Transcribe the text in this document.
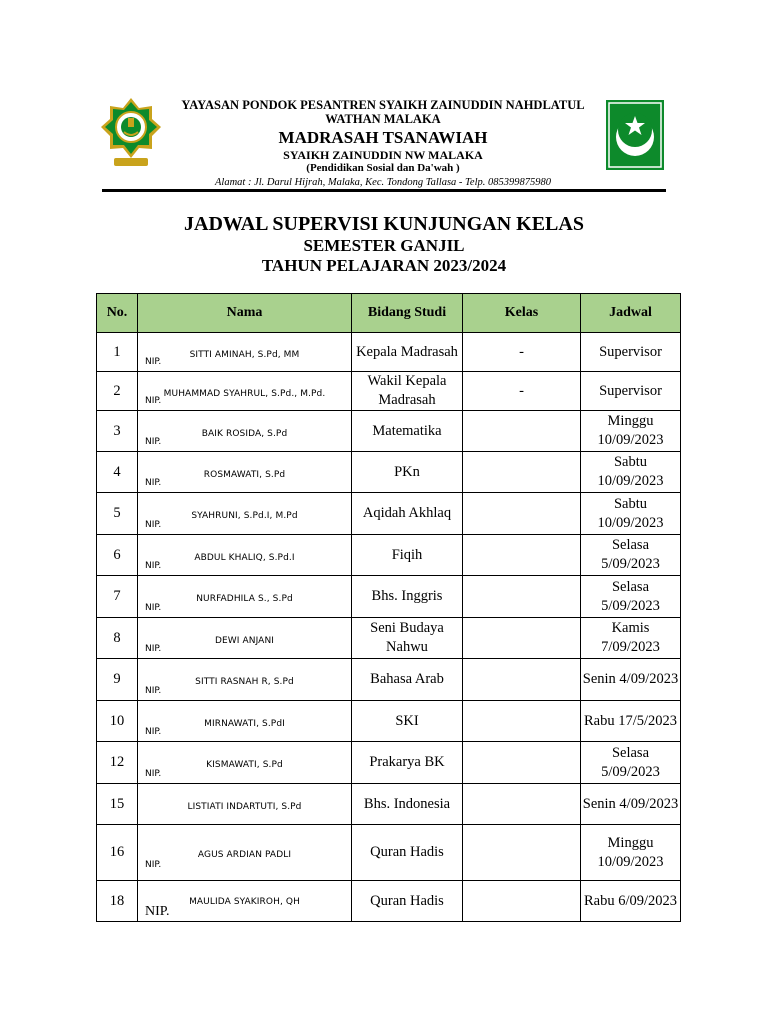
YAYASAN PONDOK PESANTREN SYAIKH ZAINUDDIN NAHDLATUL WATHAN MALAKA
MADRASAH TSANAWIAH
SYAIKH ZAINUDDIN NW MALAKA
(Pendidikan Sosial dan Da'wah )
Alamat : Jl. Darul Hijrah, Malaka, Kec. Tondong Tallasa - Telp. 085399875980
JADWAL SUPERVISI KUNJUNGAN KELAS
SEMESTER GANJIL
TAHUN PELAJARAN 2023/2024
No.	Nama	Bidang Studi	Kelas	Jadwal
1	SITTI AMINAH, S.Pd, MM
NIP.	Kepala Madrasah	-	Supervisor
2	MUHAMMAD SYAHRUL, S.Pd., M.Pd.
NIP.	Wakil Kepala Madrasah	-	Supervisor
3	BAIK ROSIDA, S.Pd
NIP.	Matematika		Minggu 10/09/2023
4	ROSMAWATI, S.Pd
NIP.	PKn		Sabtu 10/09/2023
5	SYAHRUNI, S.Pd.I, M.Pd
NIP.	Aqidah Akhlaq		Sabtu 10/09/2023
6	ABDUL KHALIQ, S.Pd.I
NIP.	Fiqih		Selasa 5/09/2023
7	NURFADHILA S., S.Pd
NIP.	Bhs. Inggris		Selasa 5/09/2023
8	DEWI ANJANI
NIP.	Seni Budaya Nahwu		Kamis 7/09/2023
9	SITTI RASNAH R, S.Pd
NIP.	Bahasa Arab		Senin 4/09/2023
10	MIRNAWATI, S.PdI
NIP.	SKI		Rabu 17/5/2023
12	KISMAWATI, S.Pd
NIP.	Prakarya BK		Selasa 5/09/2023
15	LISTIATI INDARTUTI, S.Pd	Bhs. Indonesia		Senin 4/09/2023
16	AGUS ARDIAN PADLI
NIP.	Quran Hadis		Minggu 10/09/2023
18	MAULIDA SYAKIROH, QH
NIP.	Quran Hadis		Rabu 6/09/2023
